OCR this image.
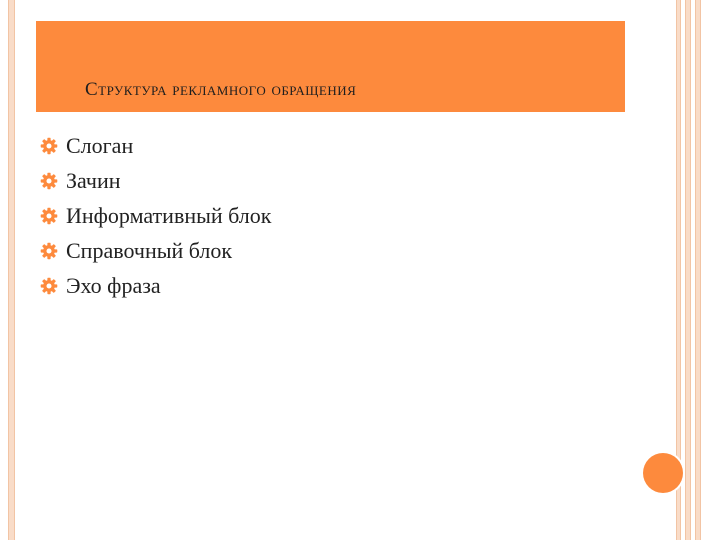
Структура рекламного обращения
Слоган
Зачин
Информативный блок
Справочный блок
Эхо фраза
